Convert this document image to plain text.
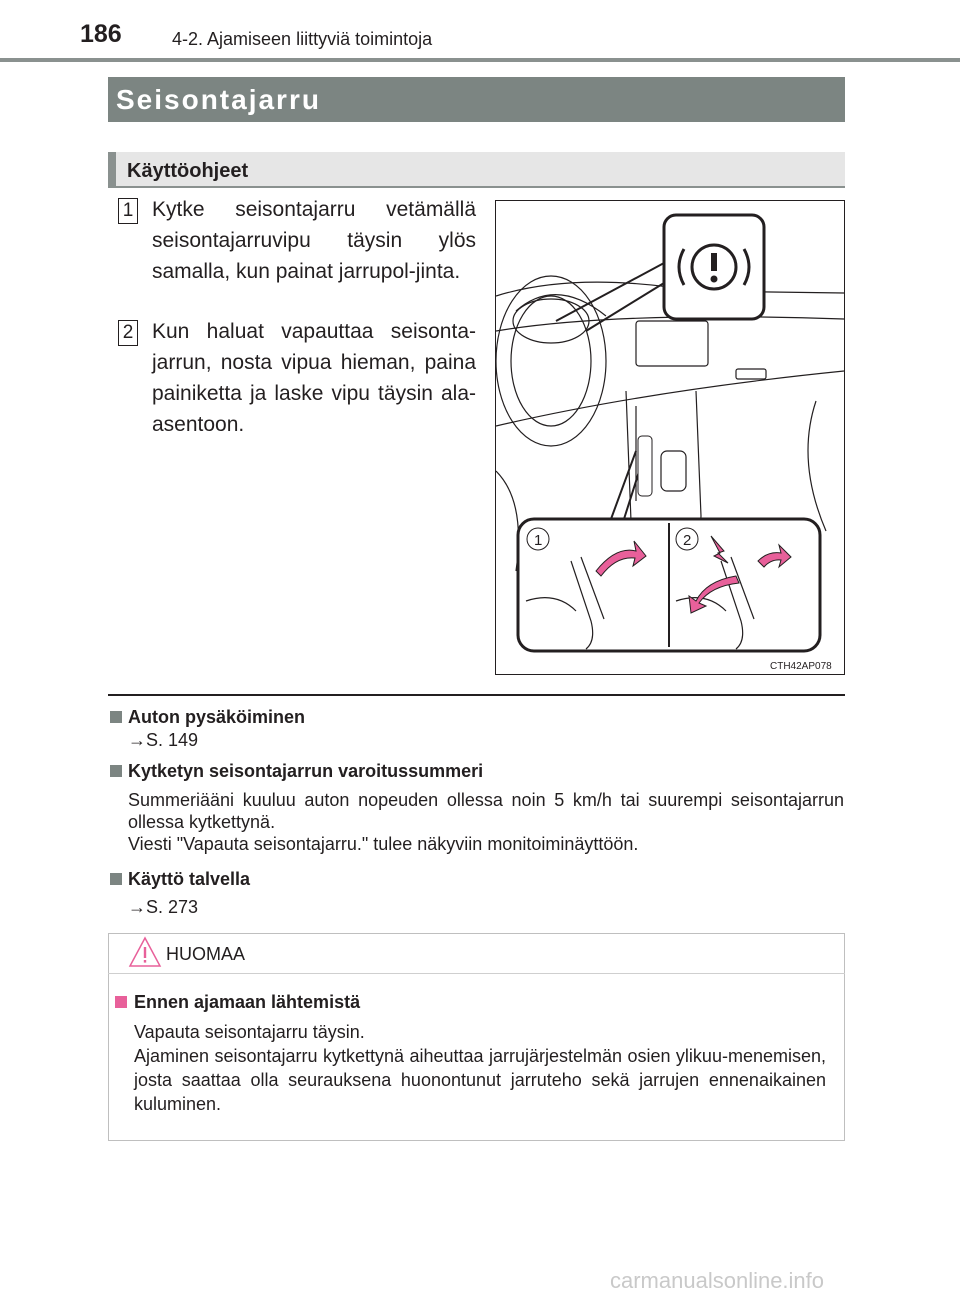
186	4-2. Ajamiseen liittyviä toimintoja
Seisontajarru
Käyttöohjeet
1 Kytke seisontajarru vetämällä seisontajarruvipu täysin ylös samalla, kun painat jarrupol-jinta.
2 Kun haluat vapauttaa seisonta-jarrun, nosta vipua hieman, paina painiketta ja laske vipu täysin ala-asentoon.
1	2
CTH42AP078
Auton pysäköiminen
→S. 149
Kytketyn seisontajarrun varoitussummeri
Summeriääni kuuluu auton nopeuden ollessa noin 5 km/h tai suurempi seisontajarrun ollessa kytkettynä.
Viesti "Vapauta seisontajarru." tulee näkyviin monitoiminäyttöön.
Käyttö talvella
→S. 273
HUOMAA
Ennen ajamaan lähtemistä
Vapauta seisontajarru täysin.
Ajaminen seisontajarru kytkettynä aiheuttaa jarrujärjestelmän osien ylikuu-menemisen, josta saattaa olla seurauksena huonontunut jarruteho sekä jarrujen ennenaikainen kuluminen.
carmanualsonline.info
